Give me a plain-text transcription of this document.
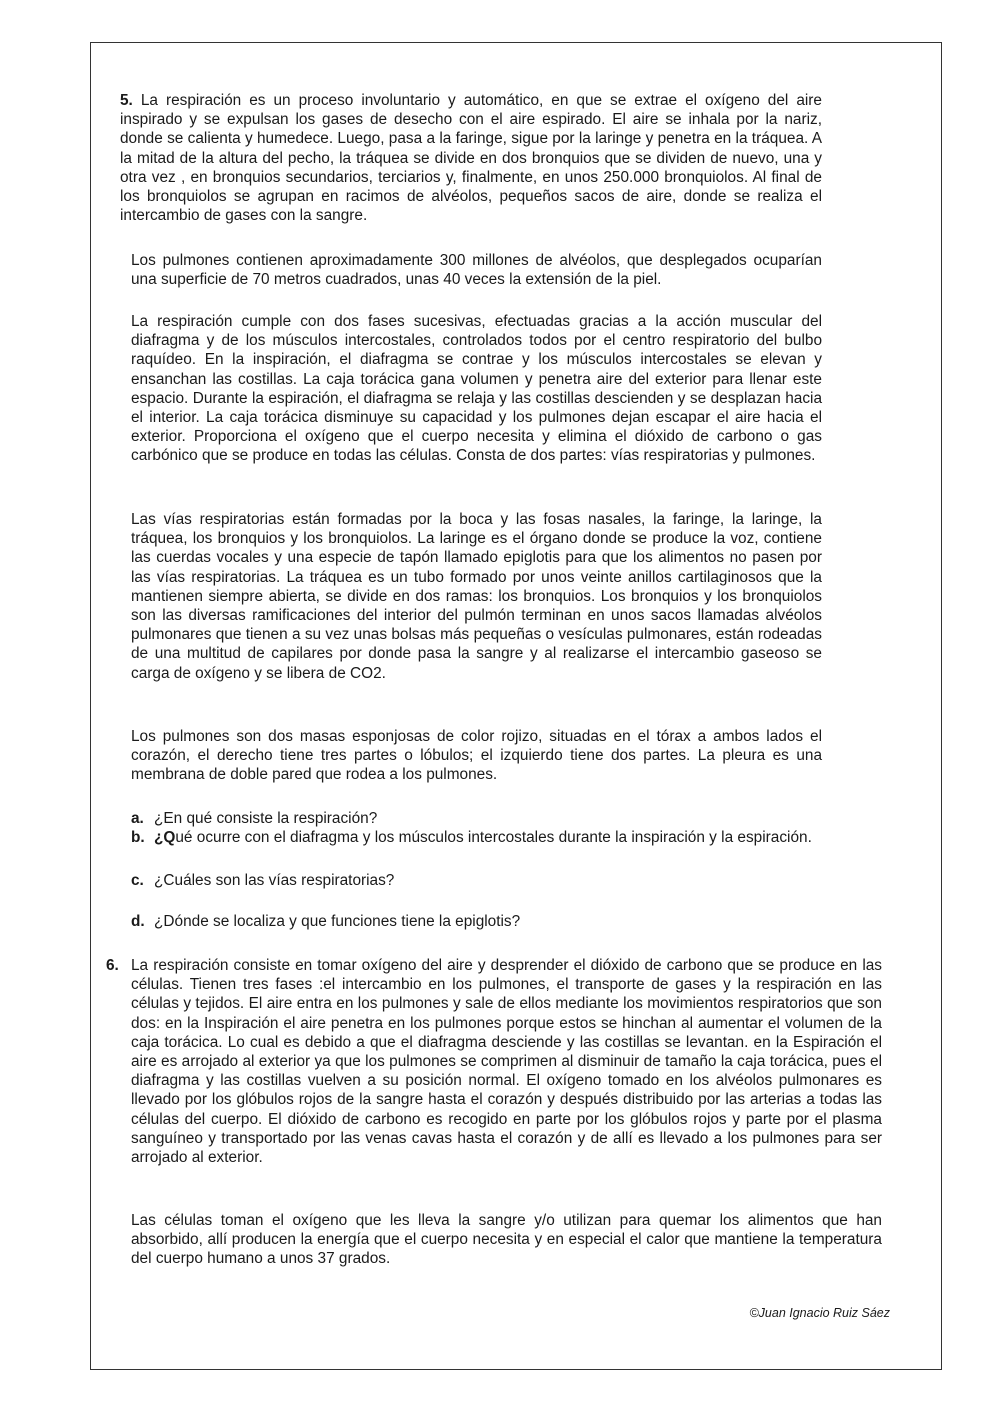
5. La respiración es un proceso involuntario y automático, en que se extrae el oxígeno del aire inspirado y se expulsan los gases de desecho con el aire espirado. El aire se inhala por la nariz, donde se calienta y humedece. Luego, pasa a la faringe, sigue por la laringe y penetra en la tráquea. A la mitad de la altura del pecho, la tráquea se divide en dos bronquios que se dividen de nuevo, una y otra vez , en bronquios secundarios, terciarios y, finalmente, en unos 250.000 bronquiolos. Al final de los bronquiolos se agrupan en racimos de alvéolos, pequeños sacos de aire, donde se realiza el intercambio de gases con la sangre.

Los pulmones contienen aproximadamente 300 millones de alvéolos, que desplegados ocuparían una superficie de 70 metros cuadrados, unas 40 veces la extensión de la piel.

La respiración cumple con dos fases sucesivas, efectuadas gracias a la acción muscular del diafragma y de los músculos intercostales, controlados todos por el centro respiratorio del bulbo raquídeo. En la inspiración, el diafragma se contrae y los músculos intercostales se elevan y ensanchan las costillas. La caja torácica gana volumen y penetra aire del exterior para llenar este espacio. Durante la espiración, el diafragma se relaja y las costillas descienden y se desplazan hacia el interior. La caja torácica disminuye su capacidad y los pulmones dejan escapar el aire hacia el exterior. Proporciona el oxígeno que el cuerpo necesita y elimina el dióxido de carbono o gas carbónico que se produce en todas las células. Consta de dos partes: vías respiratorias y pulmones.

Las vías respiratorias están formadas por la boca y las fosas nasales, la faringe, la laringe, la tráquea, los bronquios y los bronquiolos. La laringe es el órgano donde se produce la voz, contiene las cuerdas vocales y una especie de tapón llamado epiglotis para que los alimentos no pasen por las vías respiratorias. La tráquea es un tubo formado por unos veinte anillos cartilaginosos que la mantienen siempre abierta, se divide en dos ramas: los bronquios. Los bronquios y los bronquiolos son las diversas ramificaciones del interior del pulmón terminan en unos sacos llamadas alvéolos pulmonares que tienen a su vez unas bolsas más pequeñas o vesículas pulmonares, están rodeadas de una multitud de capilares por donde pasa la sangre y al realizarse el intercambio gaseoso se carga de oxígeno y se libera de CO2.

Los pulmones son dos masas esponjosas de color rojizo, situadas en el tórax a ambos lados el corazón, el derecho tiene tres partes o lóbulos; el izquierdo tiene dos partes. La pleura es una membrana de doble pared que rodea a los pulmones.

a. ¿En qué consiste la respiración?
b. ¿Qué ocurre con el diafragma y los músculos intercostales durante la inspiración y la espiración.
c. ¿Cuáles son las vías respiratorias?
d. ¿Dónde se localiza y que funciones tiene la epiglotis?
6. La respiración consiste en tomar oxígeno del aire y desprender el dióxido de carbono que se produce en las células. Tienen tres fases :el intercambio en los pulmones, el transporte de gases y la respiración en las células y tejidos. El aire entra en los pulmones y sale de ellos mediante los movimientos respiratorios que son dos: en la Inspiración el aire penetra en los pulmones porque estos se hinchan al aumentar el volumen de la caja torácica. Lo cual es debido a que el diafragma desciende y las costillas se levantan. en la Espiración el aire es arrojado al exterior ya que los pulmones se comprimen al disminuir de tamaño la caja torácica, pues el diafragma y las costillas vuelven a su posición normal. El oxígeno tomado en los alvéolos pulmonares es llevado por los glóbulos rojos de la sangre hasta el corazón y después distribuido por las arterias a todas las células del cuerpo. El dióxido de carbono es recogido en parte por los glóbulos rojos y parte por el plasma sanguíneo y transportado por las venas cavas hasta el corazón y de allí es llevado a los pulmones para ser arrojado al exterior.

Las células toman el oxígeno que les lleva la sangre y/o utilizan para quemar los alimentos que han absorbido, allí producen la energía que el cuerpo necesita y en especial el calor que mantiene la temperatura del cuerpo humano a unos 37 grados.

©Juan Ignacio Ruiz Sáez
